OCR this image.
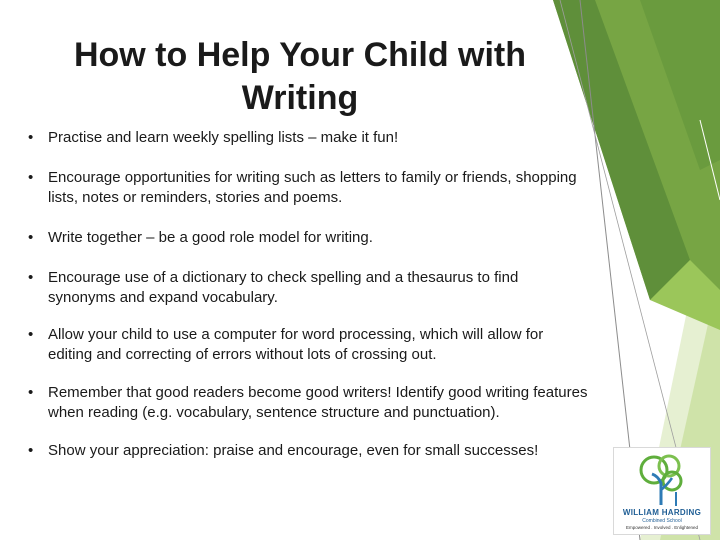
How to Help Your Child with Writing
• Practise and learn weekly spelling lists – make it fun!
• Encourage opportunities for writing such as letters to family or friends, shopping lists, notes or reminders, stories and poems.
• Write together – be a good role model for writing.
• Encourage use of a dictionary to check spelling and a thesaurus to find synonyms and expand vocabulary.
• Allow your child to use a computer for word processing, which will allow for editing and correcting of errors without lots of crossing out.
• Remember that good readers become good writers! Identify good writing features when reading (e.g. vocabulary, sentence structure and punctuation).
• Show your appreciation: praise and encourage, even for small successes!
WILLIAM HARDING
Combined School
Empowered . Involved . Enlightened
